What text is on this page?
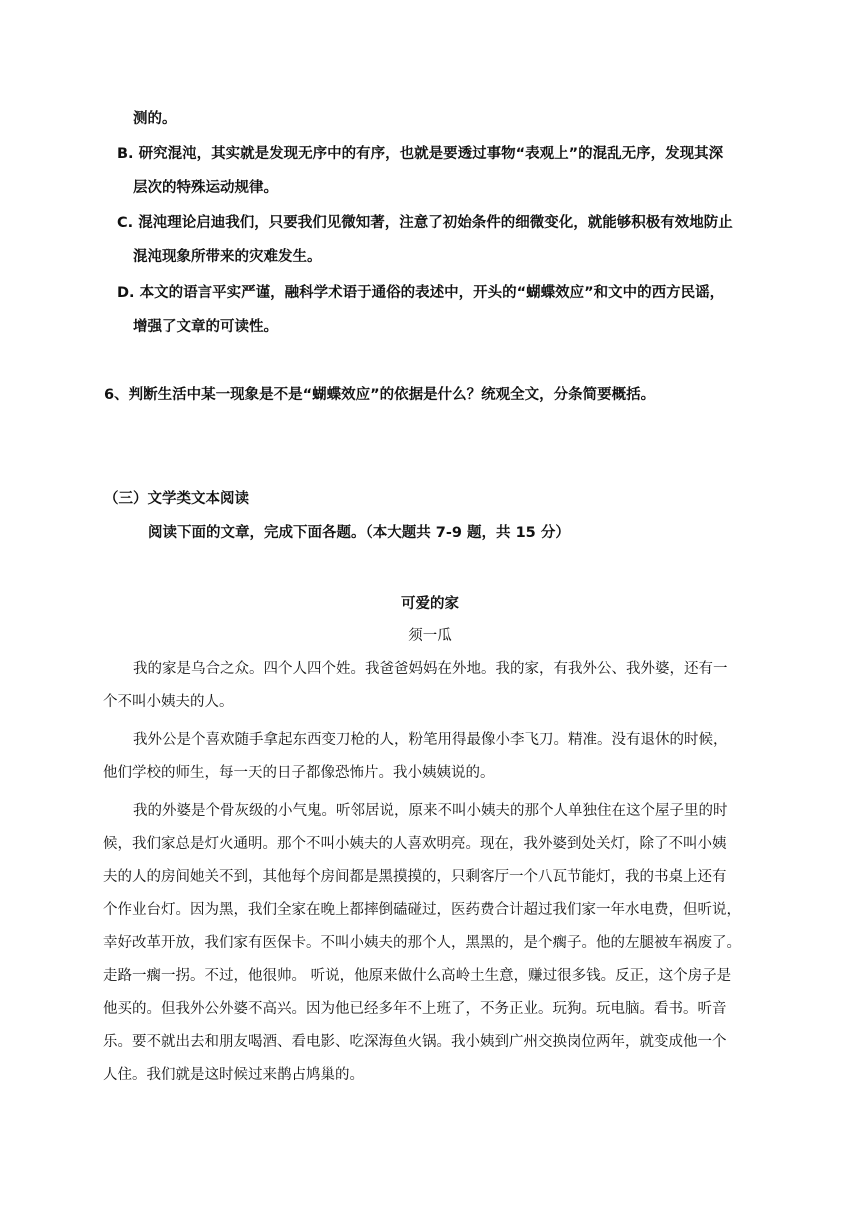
测的。
B. 研究混沌，其实就是发现无序中的有序，也就是要透过事物“表观上”的混乱无序，发现其深
层次的特殊运动规律。
C. 混沌理论启迪我们，只要我们见微知著，注意了初始条件的细微变化，就能够积极有效地防止
混沌现象所带来的灾难发生。
D. 本文的语言平实严谨，融科学术语于通俗的表述中，开头的“蝴蝶效应”和文中的西方民谣，
增强了文章的可读性。
6、判断生活中某一现象是不是“蝴蝶效应”的依据是什么？统观全文，分条简要概括。
（三）文学类文本阅读
阅读下面的文章，完成下面各题。（本大题共 7-9 题，共 15 分）
可爱的家
须一瓜
我的家是乌合之众。四个人四个姓。我爸爸妈妈在外地。我的家，有我外公、我外婆，还有一
个不叫小姨夫的人。
我外公是个喜欢随手拿起东西变刀枪的人，粉笔用得最像小李飞刀。精准。没有退休的时候，
他们学校的师生，每一天的日子都像恐怖片。我小姨姨说的。
我的外婆是个骨灰级的小气鬼。听邻居说，原来不叫小姨夫的那个人单独住在这个屋子里的时
候，我们家总是灯火通明。那个不叫小姨夫的人喜欢明亮。现在，我外婆到处关灯，除了不叫小姨
夫的人的房间她关不到，其他每个房间都是黑摸摸的，只剩客厅一个八瓦节能灯，我的书桌上还有
个作业台灯。因为黑，我们全家在晚上都摔倒磕碰过，医药费合计超过我们家一年水电费，但听说，
幸好改革开放，我们家有医保卡。不叫小姨夫的那个人，黑黑的，是个瘸子。他的左腿被车祸废了。
走路一瘸一拐。不过，他很帅。 听说，他原来做什么高岭土生意，赚过很多钱。反正，这个房子是
他买的。但我外公外婆不高兴。因为他已经多年不上班了，不务正业。玩狗。玩电脑。看书。听音
乐。要不就出去和朋友喝酒、看电影、吃深海鱼火锅。我小姨到广州交换岗位两年，就变成他一个
人住。我们就是这时候过来鹊占鸠巢的。
